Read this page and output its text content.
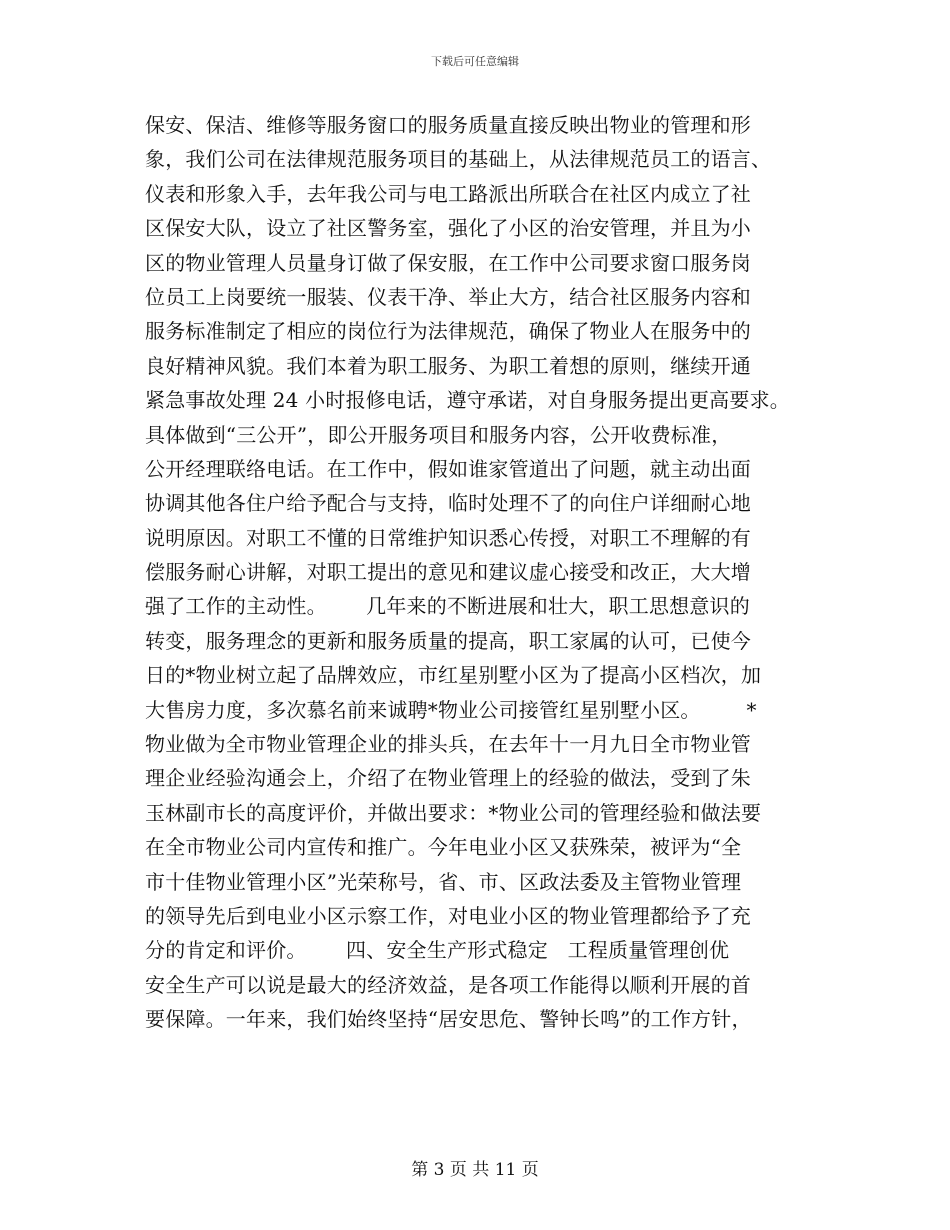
下载后可任意编辑
保安、保洁、维修等服务窗口的服务质量直接反映出物业的管理和形
象，我们公司在法律规范服务项目的基础上，从法律规范员工的语言、
仪表和形象入手，去年我公司与电工路派出所联合在社区内成立了社
区保安大队，设立了社区警务室，强化了小区的治安管理，并且为小
区的物业管理人员量身订做了保安服，在工作中公司要求窗口服务岗
位员工上岗要统一服装、仪表干净、举止大方，结合社区服务内容和
服务标准制定了相应的岗位行为法律规范，确保了物业人在服务中的
良好精神风貌。我们本着为职工服务、为职工着想的原则，继续开通
紧急事故处理 24 小时报修电话，遵守承诺，对自身服务提出更高要求。
具体做到“三公开”，即公开服务项目和服务内容，公开收费标准，
公开经理联络电话。在工作中，假如谁家管道出了问题，就主动出面
协调其他各住户给予配合与支持，临时处理不了的向住户详细耐心地
说明原因。对职工不懂的日常维护知识悉心传授，对职工不理解的有
偿服务耐心讲解，对职工提出的意见和建议虚心接受和改正，大大增
强了工作的主动性。      几年来的不断进展和壮大，职工思想意识的
转变，服务理念的更新和服务质量的提高，职工家属的认可，已使今
日的*物业树立起了品牌效应，市红星别墅小区为了提高小区档次，加
大售房力度，多次慕名前来诚聘*物业公司接管红星别墅小区。       *
物业做为全市物业管理企业的排头兵，在去年十一月九日全市物业管
理企业经验沟通会上，介绍了在物业管理上的经验的做法，受到了朱
玉林副市长的高度评价，并做出要求：*物业公司的管理经验和做法要
在全市物业公司内宣传和推广。今年电业小区又获殊荣，被评为“全
市十佳物业管理小区”光荣称号，省、市、区政法委及主管物业管理
的领导先后到电业小区示察工作，对电业小区的物业管理都给予了充
分的肯定和评价。      四、安全生产形式稳定   工程质量管理创优
安全生产可以说是最大的经济效益，是各项工作能得以顺利开展的首
要保障。一年来，我们始终坚持“居安思危、警钟长鸣”的工作方针，
第 3 页 共 11 页
